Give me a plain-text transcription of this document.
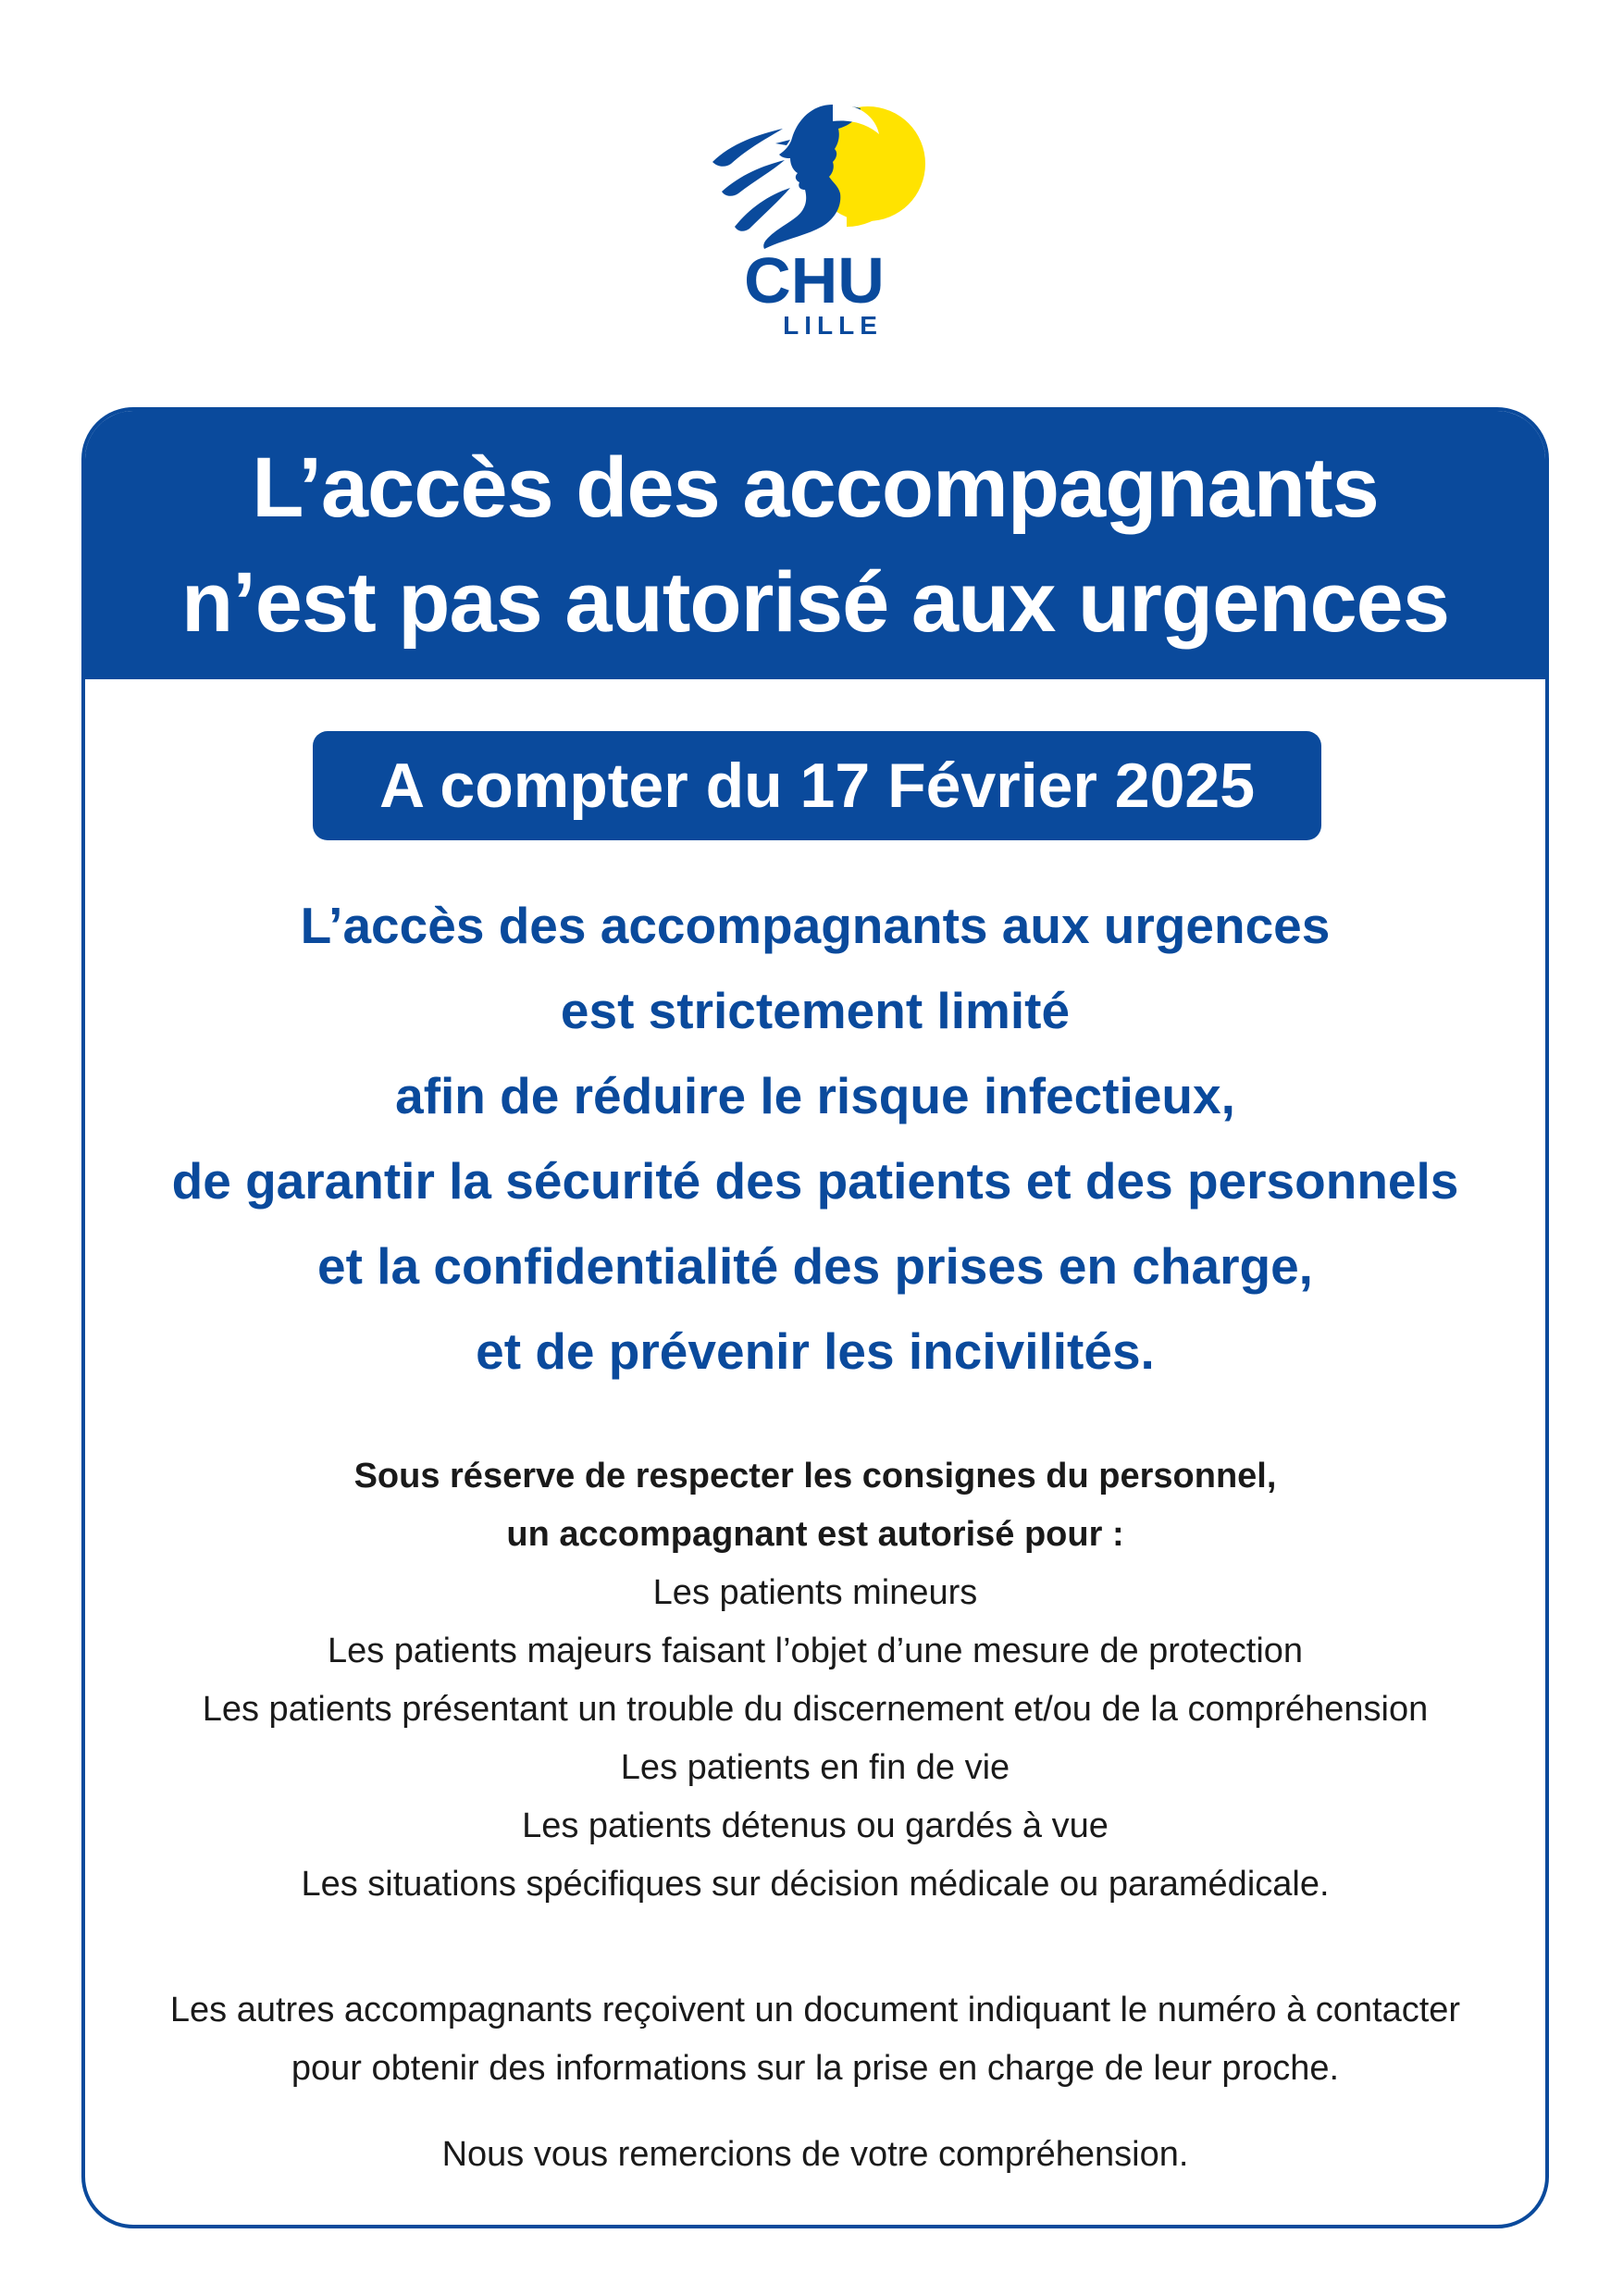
CHU
LILLE
L’accès des accompagnants
n’est pas autorisé aux urgences
A compter du 17 Février 2025
L’accès des accompagnants aux urgences
est strictement limité
afin de réduire le risque infectieux,
de garantir la sécurité des patients et des personnels
et la confidentialité des prises en charge,
et de prévenir les incivilités.
Sous réserve de respecter les consignes du personnel,
un accompagnant est autorisé pour :
Les patients mineurs
Les patients majeurs faisant l’objet d’une mesure de protection
Les patients présentant un trouble du discernement et/ou de la compréhension
Les patients en fin de vie
Les patients détenus ou gardés à vue
Les situations spécifiques sur décision médicale ou paramédicale.
Les autres accompagnants reçoivent un document indiquant le numéro à contacter
pour obtenir des informations sur la prise en charge de leur proche.
Nous vous remercions de votre compréhension.
